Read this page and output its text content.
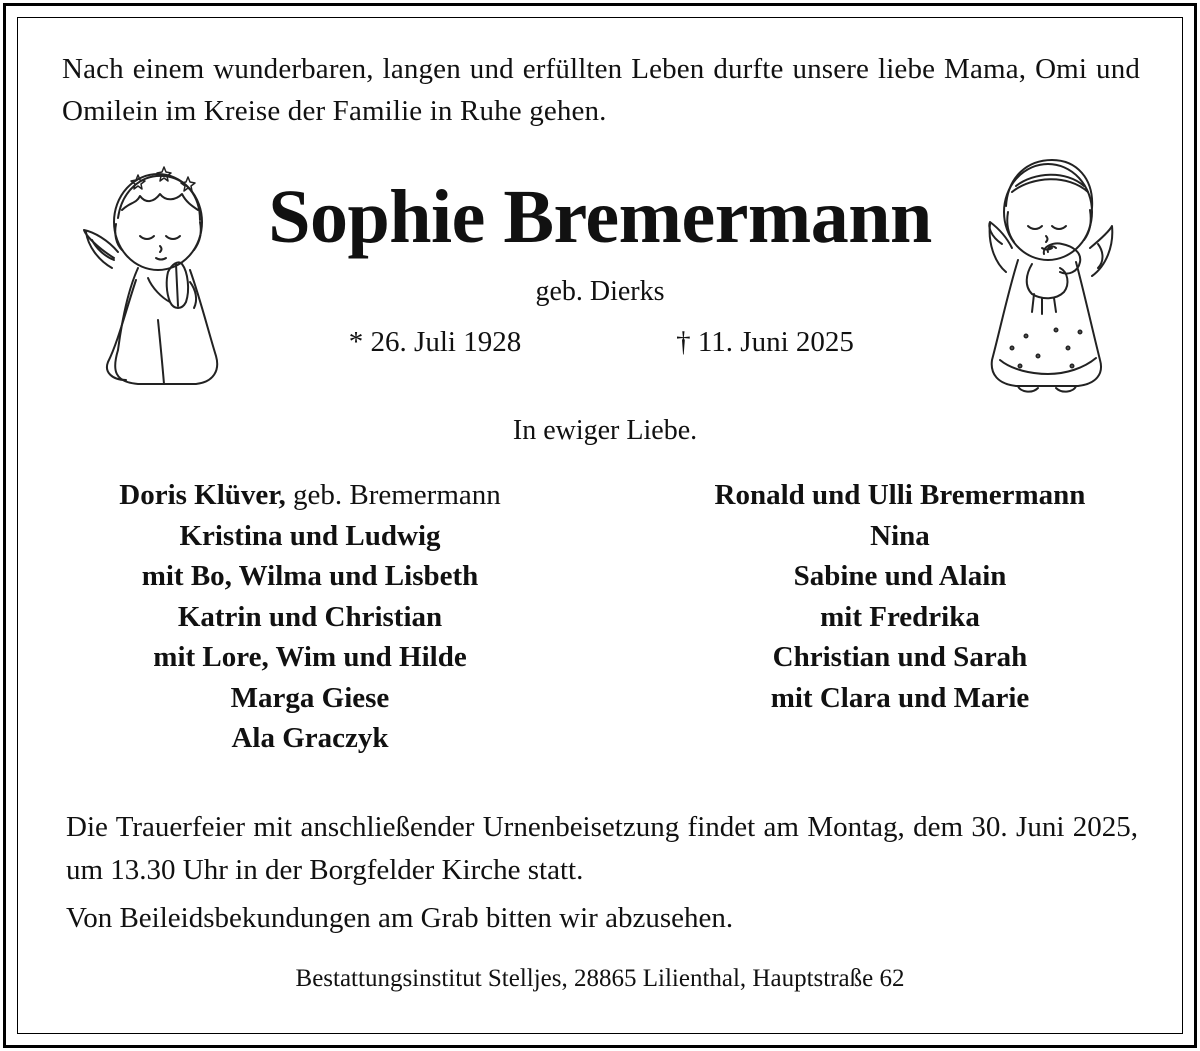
Nach einem wunderbaren, langen und erfüllten Leben durfte unsere liebe Mama, Omi und Omilein im Kreise der Familie in Ruhe gehen.
Sophie Bremermann
geb. Dierks
* 26. Juli 1928	† 11. Juni 2025
In ewiger Liebe.
Doris Klüver, geb. Bremermann
Kristina und Ludwig
mit Bo, Wilma und Lisbeth
Katrin und Christian
mit Lore, Wim und Hilde
Marga Giese
Ala Graczyk
Ronald und Ulli Bremermann
Nina
Sabine und Alain
mit Fredrika
Christian und Sarah
mit Clara und Marie
Die Trauerfeier mit anschließender Urnenbeisetzung findet am Montag, dem 30. Juni 2025, um 13.30 Uhr in der Borgfelder Kirche statt.
Von Beileidsbekundungen am Grab bitten wir abzusehen.
Bestattungsinstitut Stelljes, 28865 Lilienthal, Hauptstraße 62
